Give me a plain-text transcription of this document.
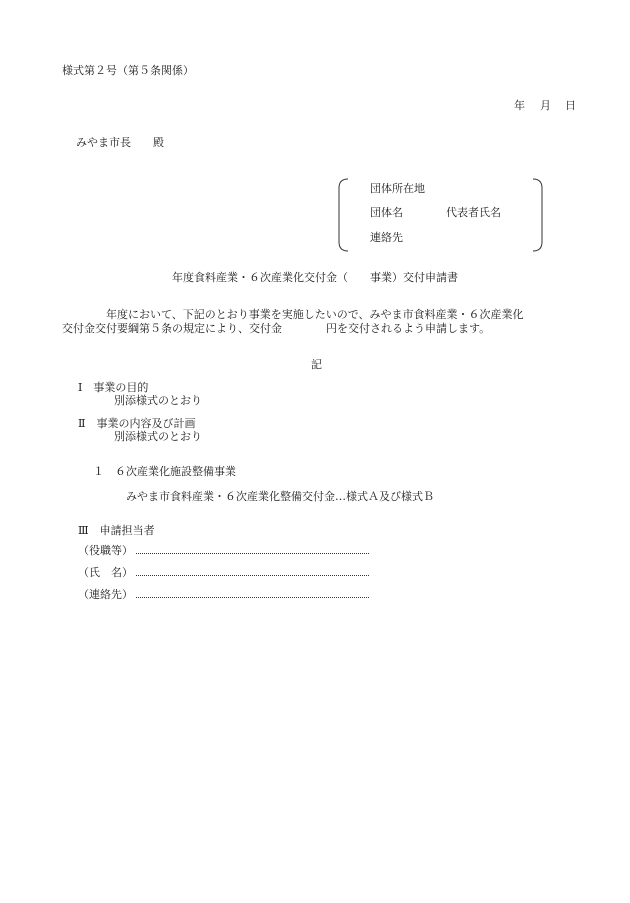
様式第２号（第５条関係）
年 月 日
みやま市長　　殿
団体所在地
団体名	代表者氏名
連絡先
年度食料産業・６次産業化交付金（　　事業）交付申請書
年度において、下記のとおり事業を実施したいので、みやま市食料産業・６次産業化
交付金交付要綱第５条の規定により、交付金　　　　円を交付されるよう申請します。
記
Ⅰ　事業の目的
別添様式のとおり
Ⅱ　事業の内容及び計画
別添様式のとおり
１　６次産業化施設整備事業
みやま市食料産業・６次産業化整備交付金…様式Ａ及び様式Ｂ
Ⅲ　申請担当者
（役職等）
（氏　名）
（連絡先）
